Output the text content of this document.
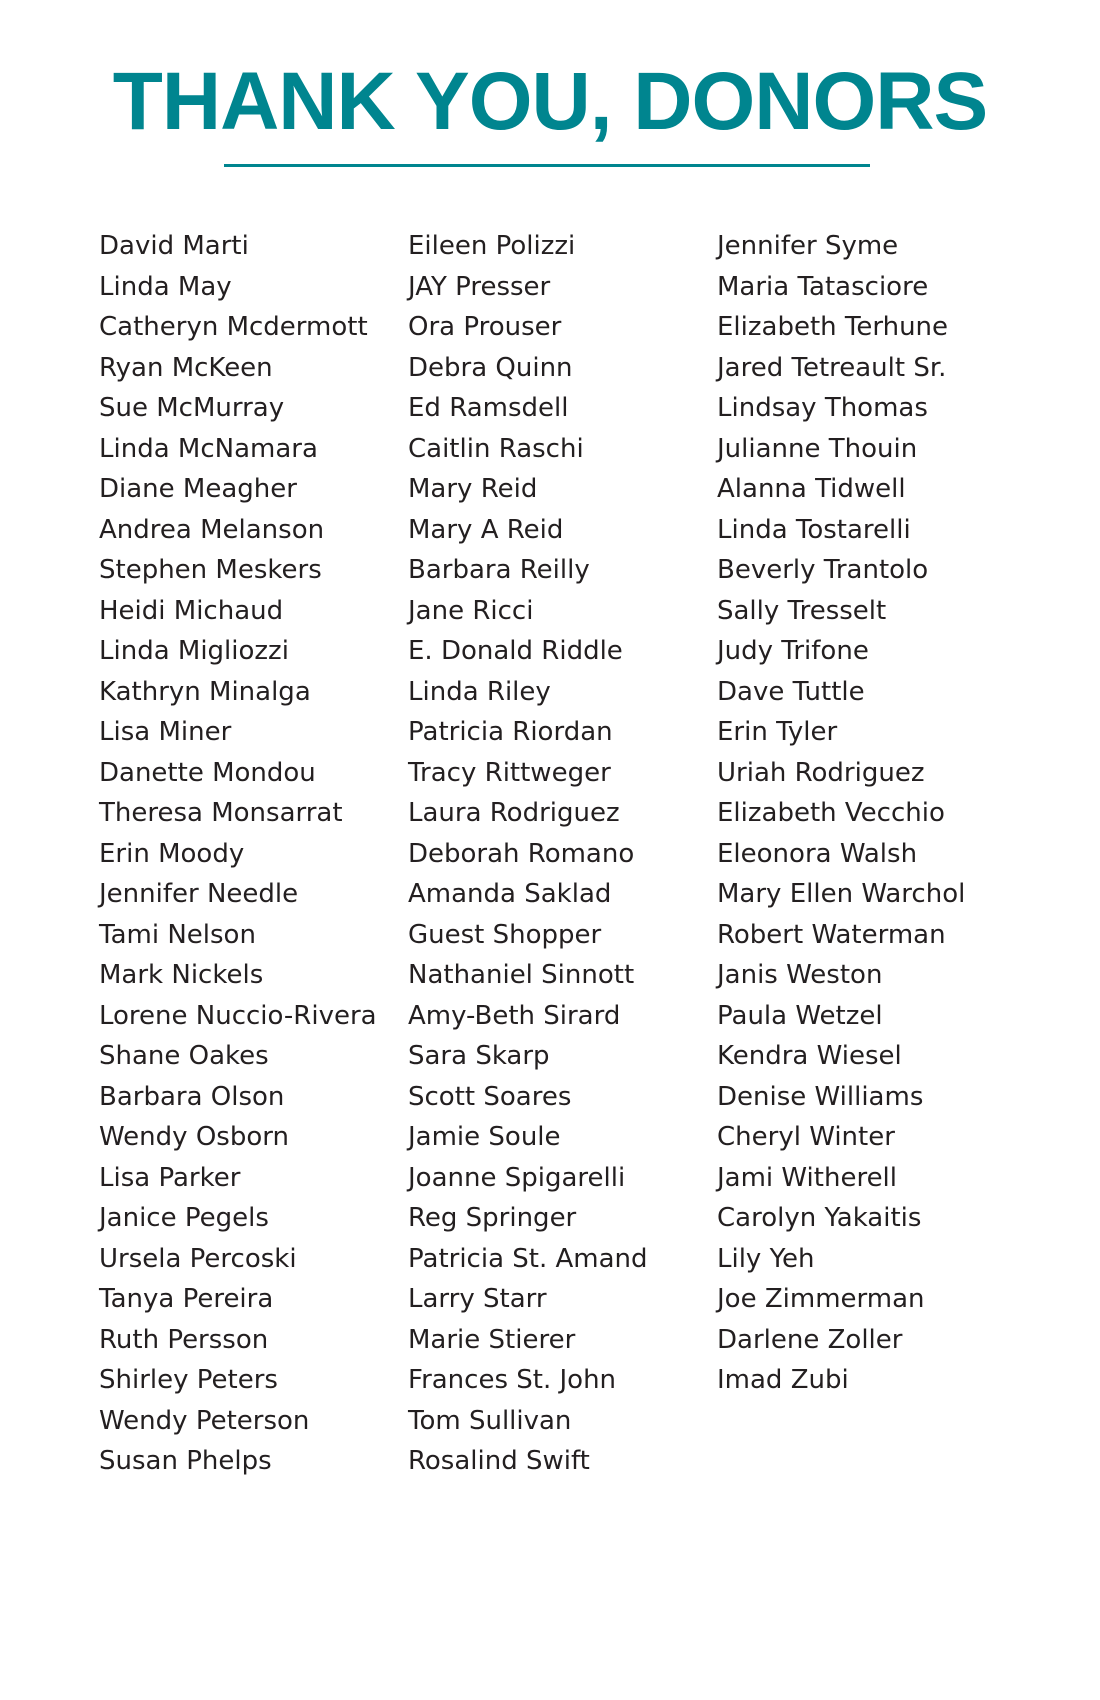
THANK YOU, DONORS
David Marti
Linda May
Catheryn Mcdermott
Ryan McKeen
Sue McMurray
Linda McNamara
Diane Meagher
Andrea Melanson
Stephen Meskers
Heidi Michaud
Linda Migliozzi
Kathryn Minalga
Lisa Miner
Danette Mondou
Theresa Monsarrat
Erin Moody
Jennifer Needle
Tami Nelson
Mark Nickels
Lorene Nuccio-Rivera
Shane Oakes
Barbara Olson
Wendy Osborn
Lisa Parker
Janice Pegels
Ursela Percoski
Tanya Pereira
Ruth Persson
Shirley Peters
Wendy Peterson
Susan Phelps
Eileen Polizzi
JAY Presser
Ora Prouser
Debra Quinn
Ed Ramsdell
Caitlin Raschi
Mary Reid
Mary A Reid
Barbara Reilly
Jane Ricci
E. Donald Riddle
Linda Riley
Patricia Riordan
Tracy Rittweger
Laura Rodriguez
Deborah Romano
Amanda Saklad
Guest Shopper
Nathaniel Sinnott
Amy-Beth Sirard
Sara Skarp
Scott Soares
Jamie Soule
Joanne Spigarelli
Reg Springer
Patricia St. Amand
Larry Starr
Marie Stierer
Frances St. John
Tom Sullivan
Rosalind Swift
Jennifer Syme
Maria Tatasciore
Elizabeth Terhune
Jared Tetreault Sr.
Lindsay Thomas
Julianne Thouin
Alanna Tidwell
Linda Tostarelli
Beverly Trantolo
Sally Tresselt
Judy Trifone
Dave Tuttle
Erin Tyler
Uriah Rodriguez
Elizabeth Vecchio
Eleonora Walsh
Mary Ellen Warchol
Robert Waterman
Janis Weston
Paula Wetzel
Kendra Wiesel
Denise Williams
Cheryl Winter
Jami Witherell
Carolyn Yakaitis
Lily Yeh
Joe Zimmerman
Darlene Zoller
Imad Zubi
